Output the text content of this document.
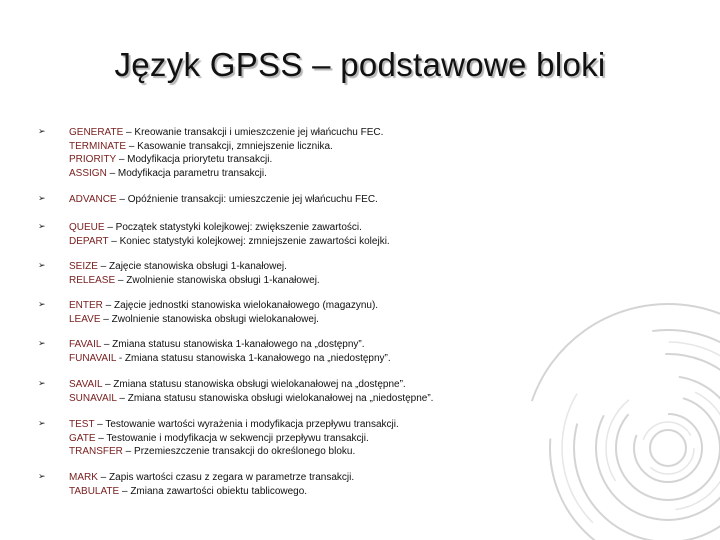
Język GPSS – podstawowe bloki
➢ GENERATE – Kreowanie transakcji i umieszczenie jej włańcuchu FEC.
TERMINATE – Kasowanie transakcji, zmniejszenie licznika.
PRIORITY – Modyfikacja priorytetu transakcji.
ASSIGN – Modyfikacja parametru transakcji.
➢ ADVANCE – Opóźnienie transakcji: umieszczenie jej włańcuchu FEC.
➢ QUEUE – Początek statystyki kolejkowej: zwiększenie zawartości.
DEPART – Koniec statystyki kolejkowej: zmniejszenie zawartości kolejki.
➢ SEIZE – Zajęcie stanowiska obsługi 1-kanałowej.
RELEASE – Zwolnienie stanowiska obsługi 1-kanałowej.
➢ ENTER – Zajęcie jednostki stanowiska wielokanałowego (magazynu).
LEAVE – Zwolnienie stanowiska obsługi wielokanałowej.
➢ FAVAIL – Zmiana statusu stanowiska 1-kanałowego na „dostępny”.
FUNAVAIL - Zmiana statusu stanowiska 1-kanałowego na „niedostępny”.
➢ SAVAIL – Zmiana statusu stanowiska obsługi wielokanałowej na „dostępne”.
SUNAVAIL – Zmiana statusu stanowiska obsługi wielokanałowej na „niedostępne”.
➢ TEST – Testowanie wartości wyrażenia i modyfikacja przepływu transakcji.
GATE – Testowanie i modyfikacja w sekwencji przepływu transakcji.
TRANSFER – Przemieszczenie transakcji do określonego bloku.
➢ MARK – Zapis wartości czasu z zegara w parametrze transakcji.
TABULATE – Zmiana zawartości obiektu tablicowego.
